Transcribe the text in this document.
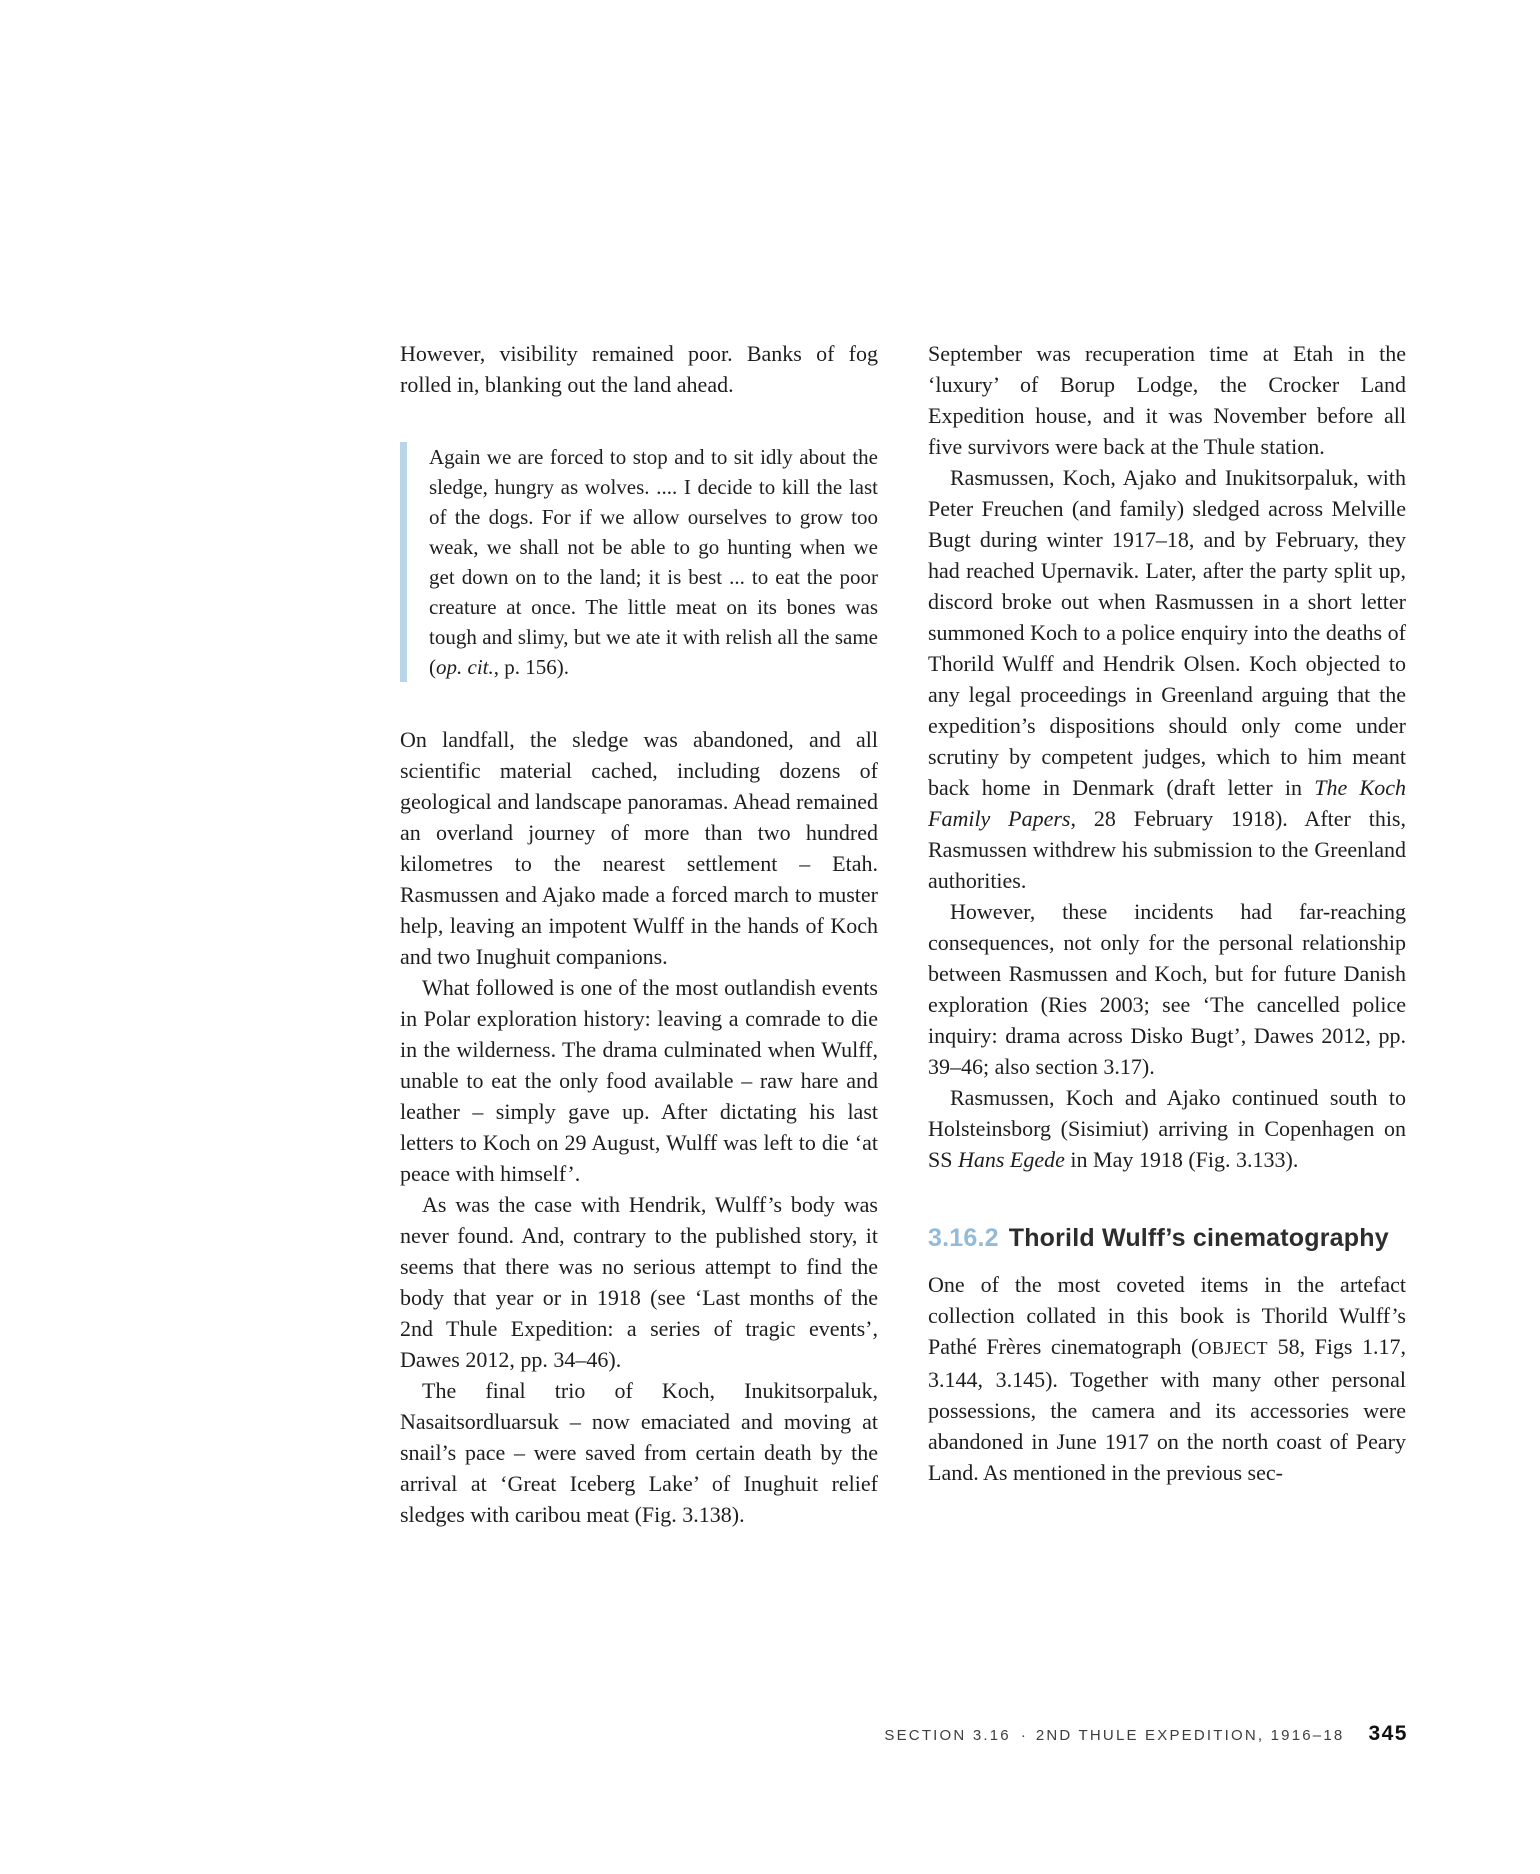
However, visibility remained poor. Banks of fog rolled in, blanking out the land ahead.

Again we are forced to stop and to sit idly about the sledge, hungry as wolves. .... I decide to kill the last of the dogs. For if we allow ourselves to grow too weak, we shall not be able to go hunting when we get down on to the land; it is best ... to eat the poor creature at once. The little meat on its bones was tough and slimy, but we ate it with relish all the same (op. cit., p. 156).

On landfall, the sledge was abandoned, and all scientific material cached, including dozens of geological and landscape panoramas. Ahead remained an overland journey of more than two hundred kilometres to the nearest settlement – Etah. Rasmussen and Ajako made a forced march to muster help, leaving an impotent Wulff in the hands of Koch and two Inughuit companions.

What followed is one of the most outlandish events in Polar exploration history: leaving a comrade to die in the wilderness. The drama culminated when Wulff, unable to eat the only food available – raw hare and leather – simply gave up. After dictating his last letters to Koch on 29 August, Wulff was left to die ‘at peace with himself’.

As was the case with Hendrik, Wulff’s body was never found. And, contrary to the published story, it seems that there was no serious attempt to find the body that year or in 1918 (see ‘Last months of the 2nd Thule Expedition: a series of tragic events’, Dawes 2012, pp. 34–46).

The final trio of Koch, Inukitsorpaluk, Nasaitsordluarsuk – now emaciated and moving at snail’s pace – were saved from certain death by the arrival at ‘Great Iceberg Lake’ of Inughuit relief sledges with caribou meat (Fig. 3.138).

September was recuperation time at Etah in the ‘luxury’ of Borup Lodge, the Crocker Land Expedition house, and it was November before all five survivors were back at the Thule station.

Rasmussen, Koch, Ajako and Inukitsorpaluk, with Peter Freuchen (and family) sledged across Melville Bugt during winter 1917–18, and by February, they had reached Upernavik. Later, after the party split up, discord broke out when Rasmussen in a short letter summoned Koch to a police enquiry into the deaths of Thorild Wulff and Hendrik Olsen. Koch objected to any legal proceedings in Greenland arguing that the expedition’s dispositions should only come under scrutiny by competent judges, which to him meant back home in Denmark (draft letter in The Koch Family Papers, 28 February 1918). After this, Rasmussen withdrew his submission to the Greenland authorities.

However, these incidents had far-reaching consequences, not only for the personal relationship between Rasmussen and Koch, but for future Danish exploration (Ries 2003; see ‘The cancelled police inquiry: drama across Disko Bugt’, Dawes 2012, pp. 39–46; also section 3.17).

Rasmussen, Koch and Ajako continued south to Holsteinsborg (Sisimiut) arriving in Copenhagen on SS Hans Egede in May 1918 (Fig. 3.133).

3.16.2 Thorild Wulff’s cinematography

One of the most coveted items in the artefact collection collated in this book is Thorild Wulff’s Pathé Frères cinematograph (OBJECT 58, Figs 1.17, 3.144, 3.145). Together with many other personal possessions, the camera and its accessories were abandoned in June 1917 on the north coast of Peary Land. As mentioned in the previous sec-

SECTION 3.16 · 2ND THULE EXPEDITION, 1916–18 345
